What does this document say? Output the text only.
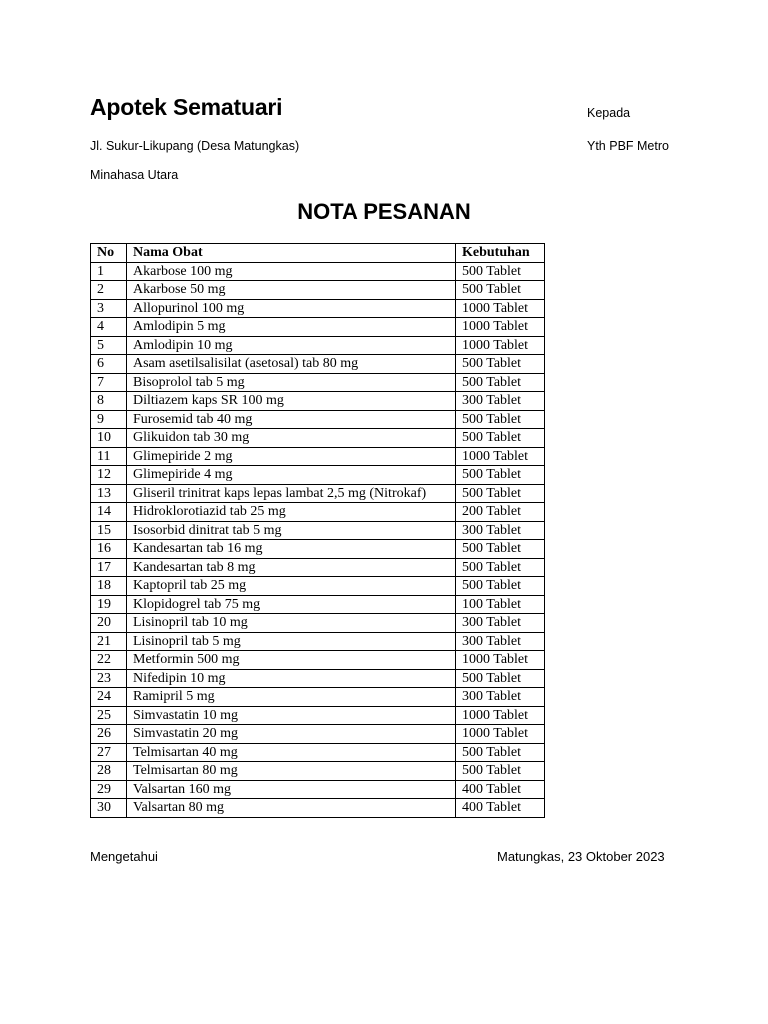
Apotek Sematuari
Jl. Sukur-Likupang (Desa Matungkas)
Minahasa Utara
Kepada
Yth PBF Metro
NOTA PESANAN
No	Nama Obat	Kebutuhan
1	Akarbose 100 mg	500 Tablet
2	Akarbose 50 mg	500 Tablet
3	Allopurinol 100 mg	1000 Tablet
4	Amlodipin 5 mg	1000 Tablet
5	Amlodipin 10 mg	1000 Tablet
6	Asam asetilsalisilat (asetosal) tab 80 mg	500 Tablet
7	Bisoprolol tab 5 mg	500 Tablet
8	Diltiazem kaps SR 100 mg	300 Tablet
9	Furosemid tab 40 mg	500 Tablet
10	Glikuidon tab 30 mg	500 Tablet
11	Glimepiride 2 mg	1000 Tablet
12	Glimepiride 4 mg	500 Tablet
13	Gliseril trinitrat kaps lepas lambat 2,5 mg (Nitrokaf)	500 Tablet
14	Hidroklorotiazid tab 25 mg	200 Tablet
15	Isosorbid dinitrat tab 5 mg	300 Tablet
16	Kandesartan tab 16 mg	500 Tablet
17	Kandesartan tab 8 mg	500 Tablet
18	Kaptopril tab 25 mg	500 Tablet
19	Klopidogrel tab 75 mg	100 Tablet
20	Lisinopril tab 10 mg	300 Tablet
21	Lisinopril tab 5 mg	300 Tablet
22	Metformin 500 mg	1000 Tablet
23	Nifedipin 10 mg	500 Tablet
24	Ramipril 5 mg	300 Tablet
25	Simvastatin 10 mg	1000 Tablet
26	Simvastatin 20 mg	1000 Tablet
27	Telmisartan 40 mg	500 Tablet
28	Telmisartan 80 mg	500 Tablet
29	Valsartan 160 mg	400 Tablet
30	Valsartan 80 mg	400 Tablet
Mengetahui	Matungkas, 23 Oktober 2023
